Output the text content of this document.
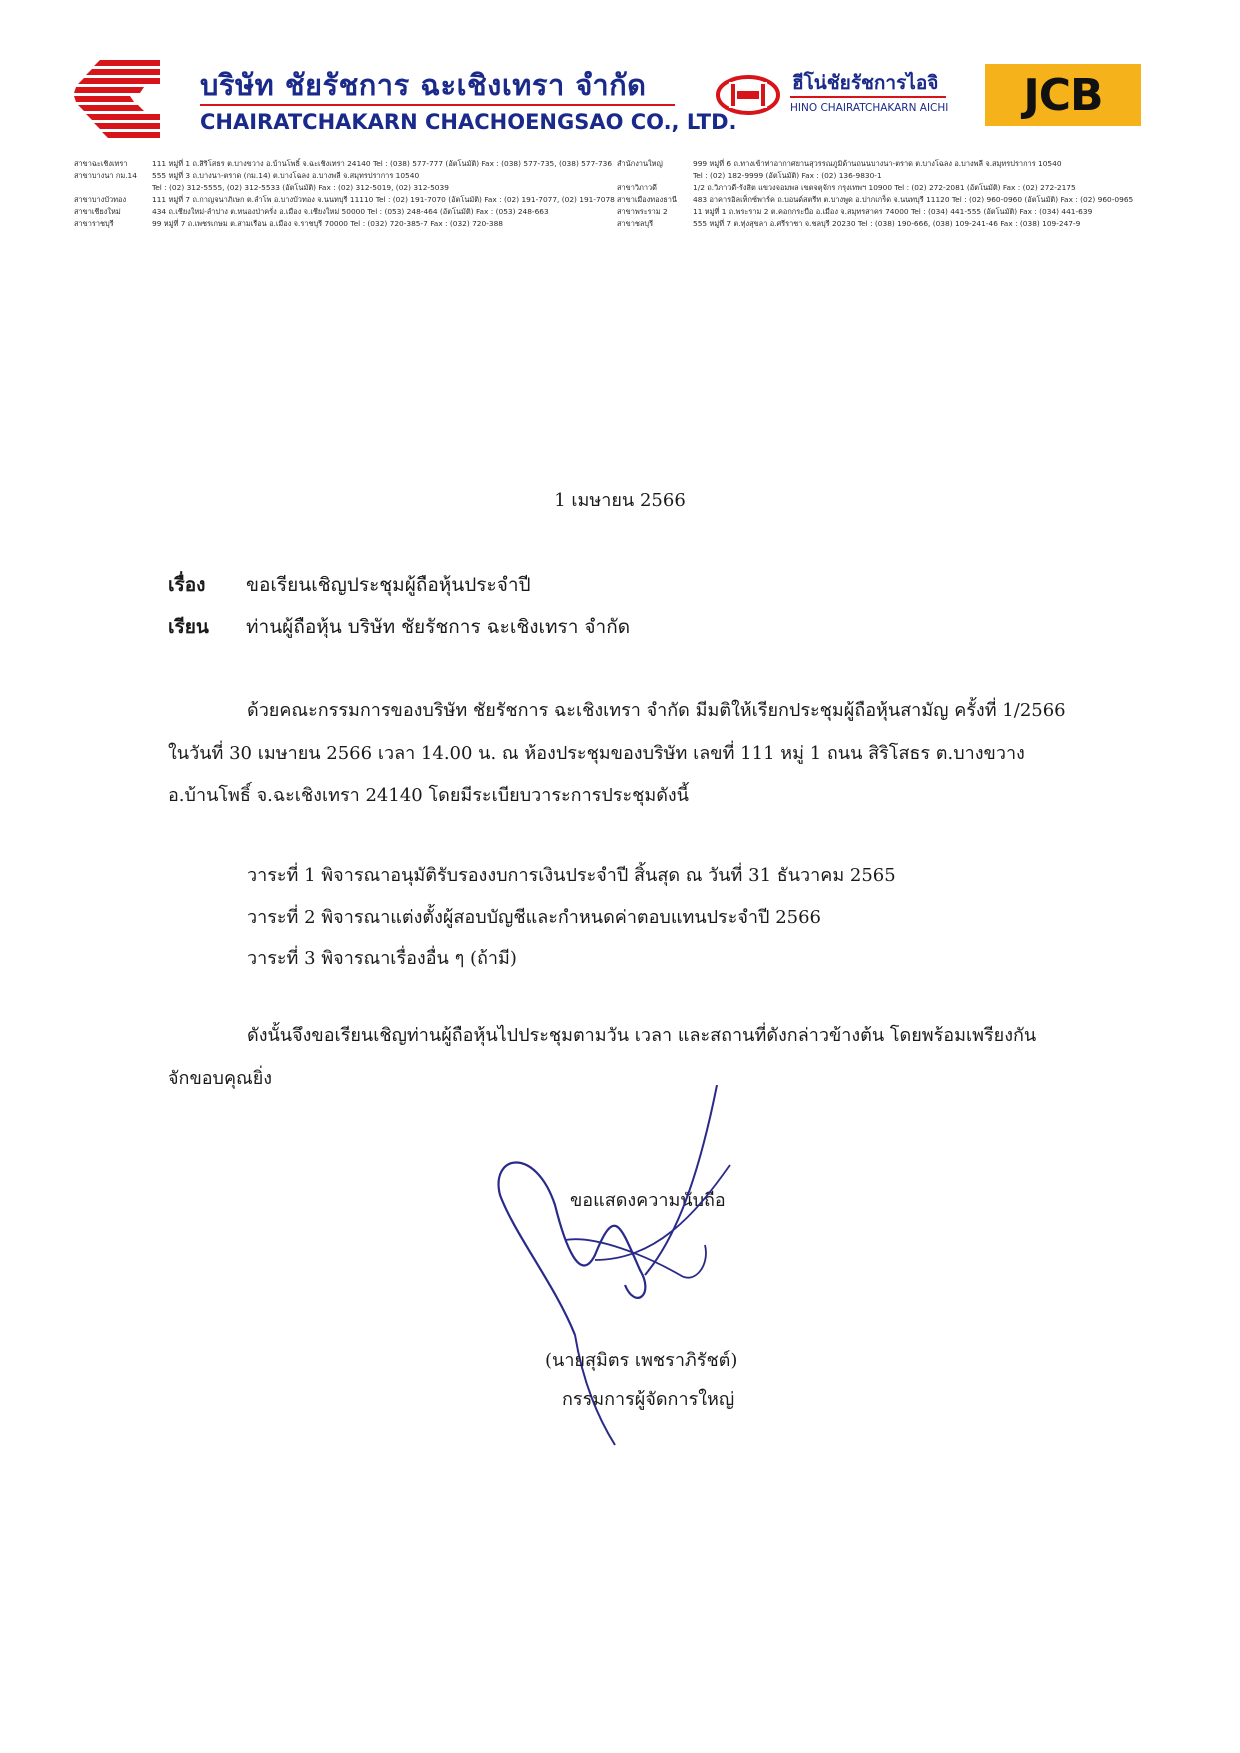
บริษัท ชัยรัชการ ฉะเชิงเทรา จำกัด
CHAIRATCHAKARN CHACHOENGSAO CO., LTD.
ฮีโน่ชัยรัชการไอจิ
HINO CHAIRATCHAKARN AICHI JCB
สาขาฉะเชิงเทรา	111 หมู่ที่ 1 ถ.สิริโสธร ต.บางขวาง อ.บ้านโพธิ์ จ.ฉะเชิงเทรา 24140 Tel : (038) 577-777 (อัตโนมัติ) Fax : (038) 577-735, (038) 577-736
สาขาบางนา กม.14	555 หมู่ที่ 3 ถ.บางนา-ตราด (กม.14) ต.บางโฉลง อ.บางพลี จ.สมุทรปราการ 10540
Tel : (02) 312-5555, (02) 312-5533 (อัตโนมัติ) Fax : (02) 312-5019, (02) 312-5039
สาขาบางบัวทอง	111 หมู่ที่ 7 ถ.กาญจนาภิเษก ต.ลำโพ อ.บางบัวทอง จ.นนทบุรี 11110 Tel : (02) 191-7070 (อัตโนมัติ) Fax : (02) 191-7077, (02) 191-7078
สาขาเชียงใหม่	434 ถ.เชียงใหม่-ลำปาง ต.หนองป่าครั่ง อ.เมือง จ.เชียงใหม่ 50000 Tel : (053) 248-464 (อัตโนมัติ) Fax : (053) 248-663
สาขาราชบุรี	99 หมู่ที่ 7 ถ.เพชรเกษม ต.สามเรือน อ.เมือง จ.ราชบุรี 70000 Tel : (032) 720-385-7 Fax : (032) 720-388
สำนักงานใหญ่	999 หมู่ที่ 6 ถ.ทางเข้าท่าอากาศยานสุวรรณภูมิด้านถนนบางนา-ตราด ต.บางโฉลง อ.บางพลี จ.สมุทรปราการ 10540
Tel : (02) 182-9999 (อัตโนมัติ) Fax : (02) 136-9830-1
สาขาวิภาวดี	1/2 ถ.วิภาวดี-รังสิต แขวงจอมพล เขตจตุจักร กรุงเทพฯ 10900 Tel : (02) 272-2081 (อัตโนมัติ) Fax : (02) 272-2175
สาขาเมืองทองธานี	483 อาคารอิลเท็กซ์พาร์ค ถ.บอนด์สตรีท ต.บางพูด อ.ปากเกร็ด จ.นนทบุรี 11120 Tel : (02) 960-0960 (อัตโนมัติ) Fax : (02) 960-0965
สาขาพระราม 2	11 หมู่ที่ 1 ถ.พระราม 2 ต.คอกกระบือ อ.เมือง จ.สมุทรสาคร 74000 Tel : (034) 441-555 (อัตโนมัติ) Fax : (034) 441-639
สาขาชลบุรี	555 หมู่ที่ 7 ต.ทุ่งสุขลา อ.ศรีราชา จ.ชลบุรี 20230 Tel : (038) 190-666, (038) 109-241-46 Fax : (038) 109-247-9
1 เมษายน 2566
เรื่อง ขอเรียนเชิญประชุมผู้ถือหุ้นประจำปี
เรียน ท่านผู้ถือหุ้น บริษัท ชัยรัชการ ฉะเชิงเทรา จำกัด
ด้วยคณะกรรมการของบริษัท ชัยรัชการ ฉะเชิงเทรา จำกัด มีมติให้เรียกประชุมผู้ถือหุ้นสามัญ ครั้งที่ 1/2566
ในวันที่ 30 เมษายน 2566 เวลา 14.00 น. ณ ห้องประชุมของบริษัท เลขที่ 111 หมู่ 1 ถนน สิริโสธร ต.บางขวาง
อ.บ้านโพธิ์ จ.ฉะเชิงเทรา 24140 โดยมีระเบียบวาระการประชุมดังนี้
วาระที่ 1 พิจารณาอนุมัติรับรองงบการเงินประจำปี สิ้นสุด ณ วันที่ 31 ธันวาคม 2565
วาระที่ 2 พิจารณาแต่งตั้งผู้สอบบัญชีและกำหนดค่าตอบแทนประจำปี 2566
วาระที่ 3 พิจารณาเรื่องอื่น ๆ (ถ้ามี)
ดังนั้นจึงขอเรียนเชิญท่านผู้ถือหุ้นไปประชุมตามวัน เวลา และสถานที่ดังกล่าวข้างต้น โดยพร้อมเพรียงกัน
จักขอบคุณยิ่ง
ขอแสดงความนับถือ
(นายสุมิตร เพชราภิรัชต์)
กรรมการผู้จัดการใหญ่
